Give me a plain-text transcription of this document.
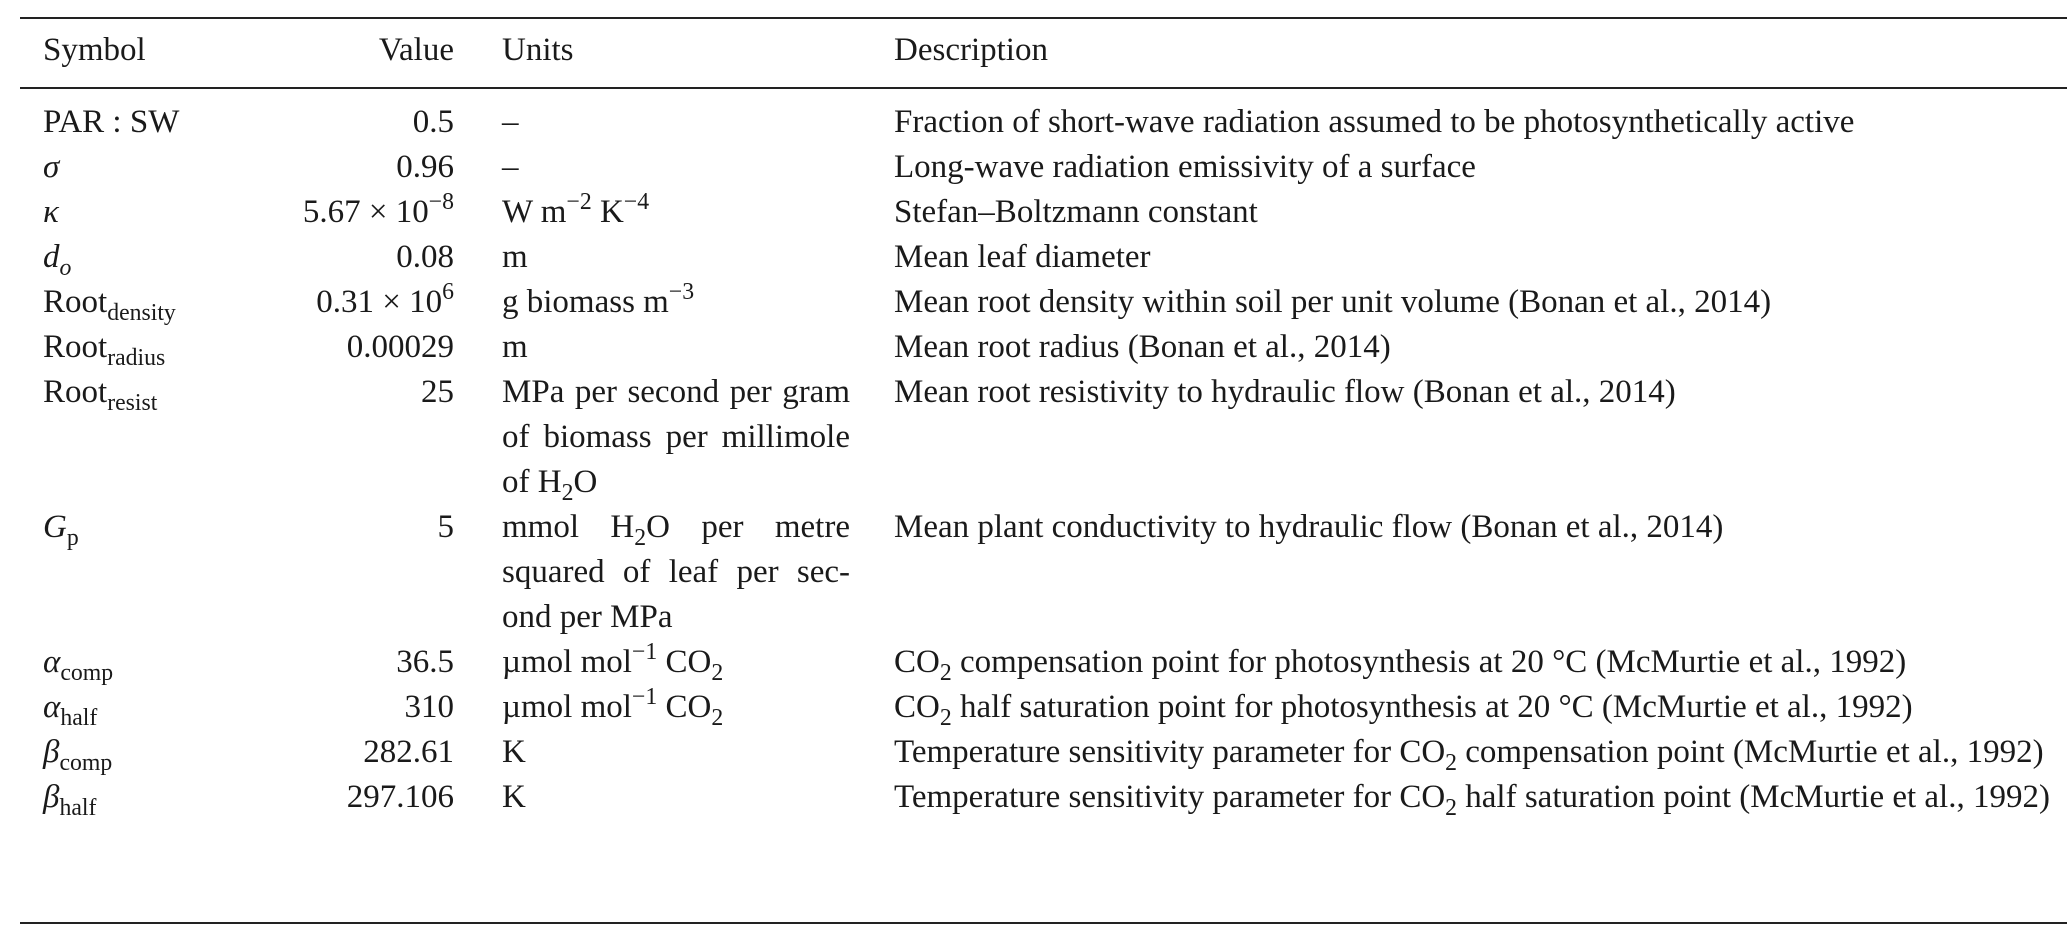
Symbol	Value	Units	Description
PAR : SW	0.5	–	Fraction of short-wave radiation assumed to be photosynthetically active
σ	0.96	–	Long-wave radiation emissivity of a surface
κ	$5.67 \times 10^{-8}$	W $m^{-2}$ $K^{-4}$	Stefan–Boltzmann constant
$d_o$	0.08	m	Mean leaf diameter
Root$_{density}$	$0.31 \times 10^6$	g biomass $m^{-3}$	Mean root density within soil per unit volume (Bonan et al., 2014)
Root$_{radius}$	0.00029	m	Mean root radius (Bonan et al., 2014)
Root$_{resist}$	25	MPa per second per gram of biomass per millimole of $H_2O$	Mean root resistivity to hydraulic flow (Bonan et al., 2014)
$G_p$	5	mmol $H_2O$ per metre squared of leaf per sec-ond per MPa	Mean plant conductivity to hydraulic flow (Bonan et al., 2014)
$\alpha_{comp}$	36.5	µmol mol$^{-1}$ $CO_2$	$CO_2$ compensation point for photosynthesis at 20 °C (McMurtie et al., 1992)
$\alpha_{half}$	310	µmol mol$^{-1}$ $CO_2$	$CO_2$ half saturation point for photosynthesis at 20 °C (McMurtie et al., 1992)
$\beta_{comp}$	282.61	K	Temperature sensitivity parameter for $CO_2$ compensation point (McMurtie et al., 1992)
$\beta_{half}$	297.106	K	Temperature sensitivity parameter for $CO_2$ half saturation point (McMurtie et al., 1992)
